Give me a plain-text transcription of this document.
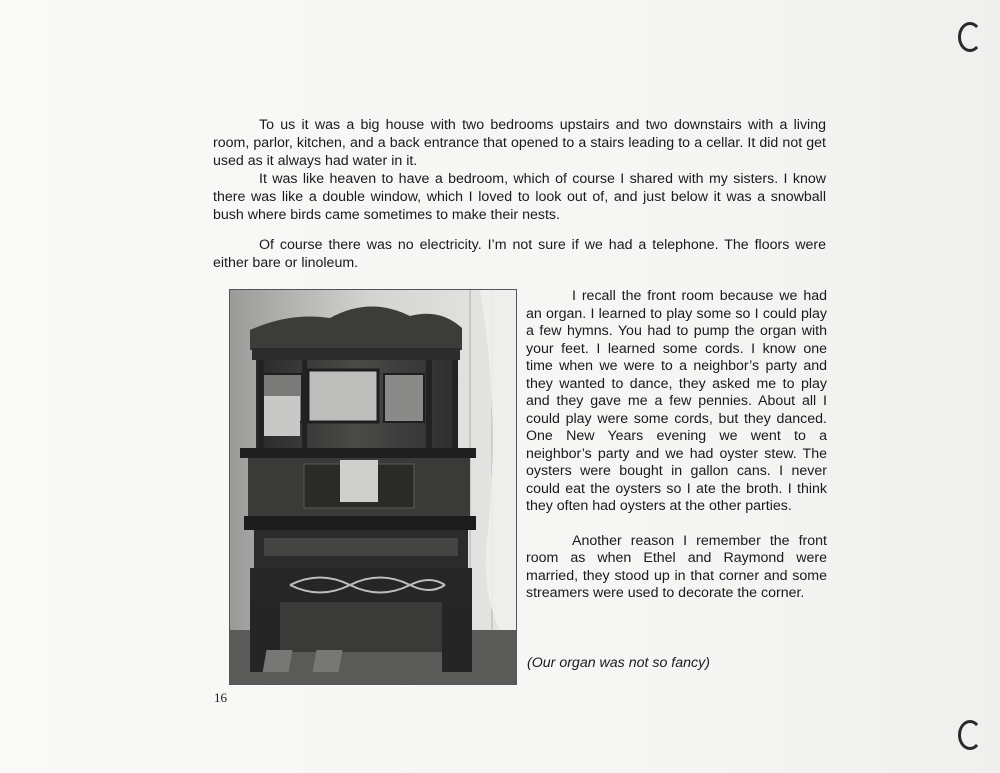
To us it was a big house with two bedrooms upstairs and two downstairs with a living room, parlor, kitchen, and a back entrance that opened to a stairs leading to a cellar. It did not get used as it always had water in it.

It was like heaven to have a bedroom, which of course I shared with my sisters. I know there was like a double window, which I loved to look out of, and just below it was a snowball bush where birds came sometimes to make their nests.

Of course there was no electricity. I’m not sure if we had a telephone. The floors were either bare or linoleum.

I recall the front room because we had an organ. I learned to play some so I could play a few hymns. You had to pump the organ with your feet. I learned some cords. I know one time when we were to a neighbor’s party and they wanted to dance, they asked me to play and they gave me a few pennies. About all I could play were some cords, but they danced. One New Years evening we went to a neighbor’s party and we had oyster stew. The oysters were bought in gallon cans. I never could eat the oysters so I ate the broth. I think they often had oysters at the other parties.

Another reason I remember the front room as when Ethel and Raymond were married, they stood up in that corner and some streamers were used to decorate the corner.

(Our organ was not so fancy)
16
